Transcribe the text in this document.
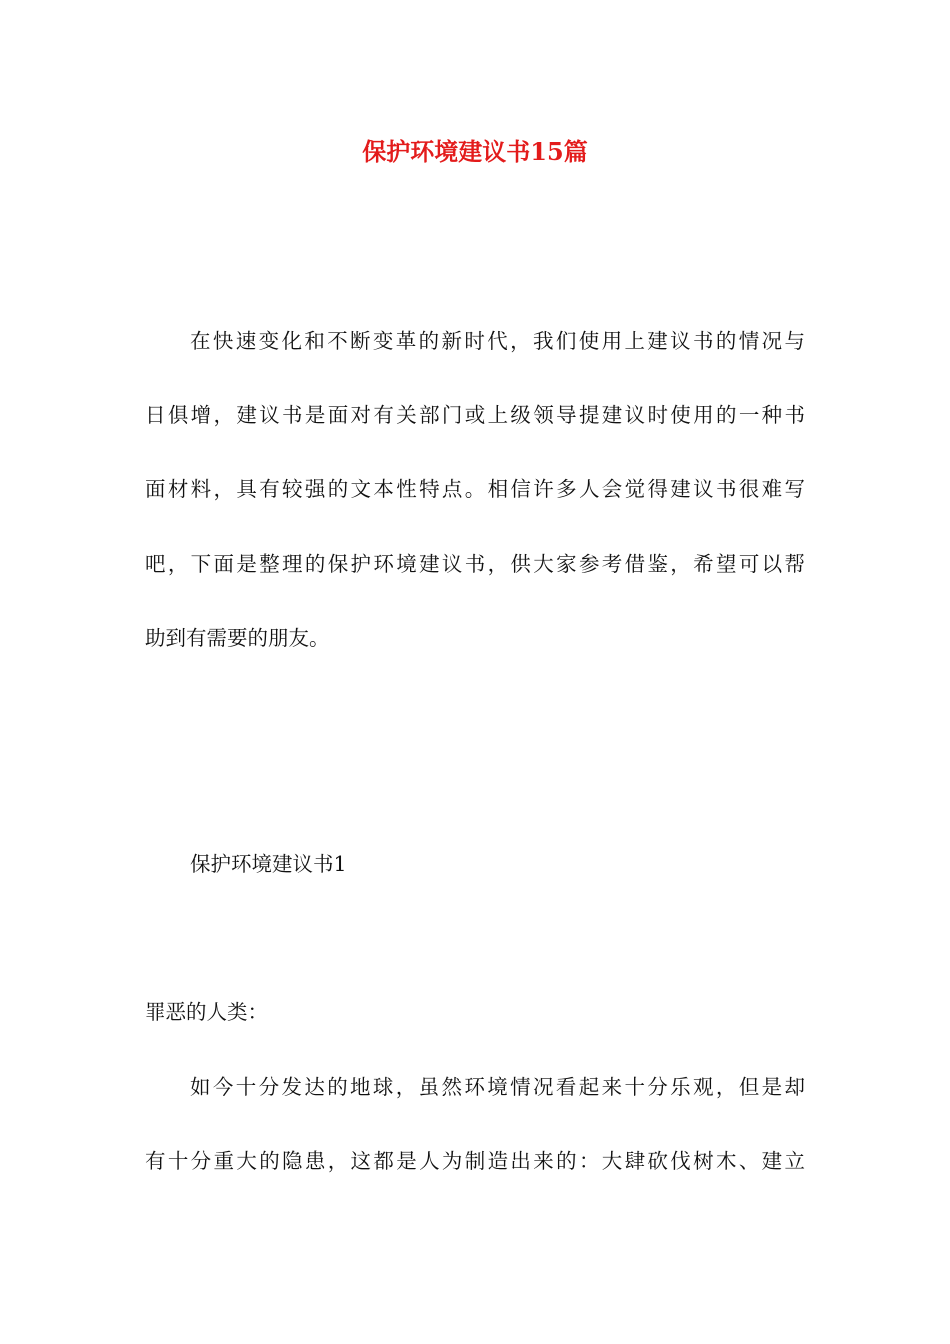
保护环境建议书15篇

在快速变化和不断变革的新时代，我们使用上建议书的情况与

日俱增，建议书是面对有关部门或上级领导提建议时使用的一种书

面材料，具有较强的文本性特点。相信许多人会觉得建议书很难写

吧，下面是整理的保护环境建议书，供大家参考借鉴，希望可以帮

助到有需要的朋友。

保护环境建议书1

罪恶的人类：

如今十分发达的地球，虽然环境情况看起来十分乐观，但是却

有十分重大的隐患，这都是人为制造出来的：大肆砍伐树木、建立
